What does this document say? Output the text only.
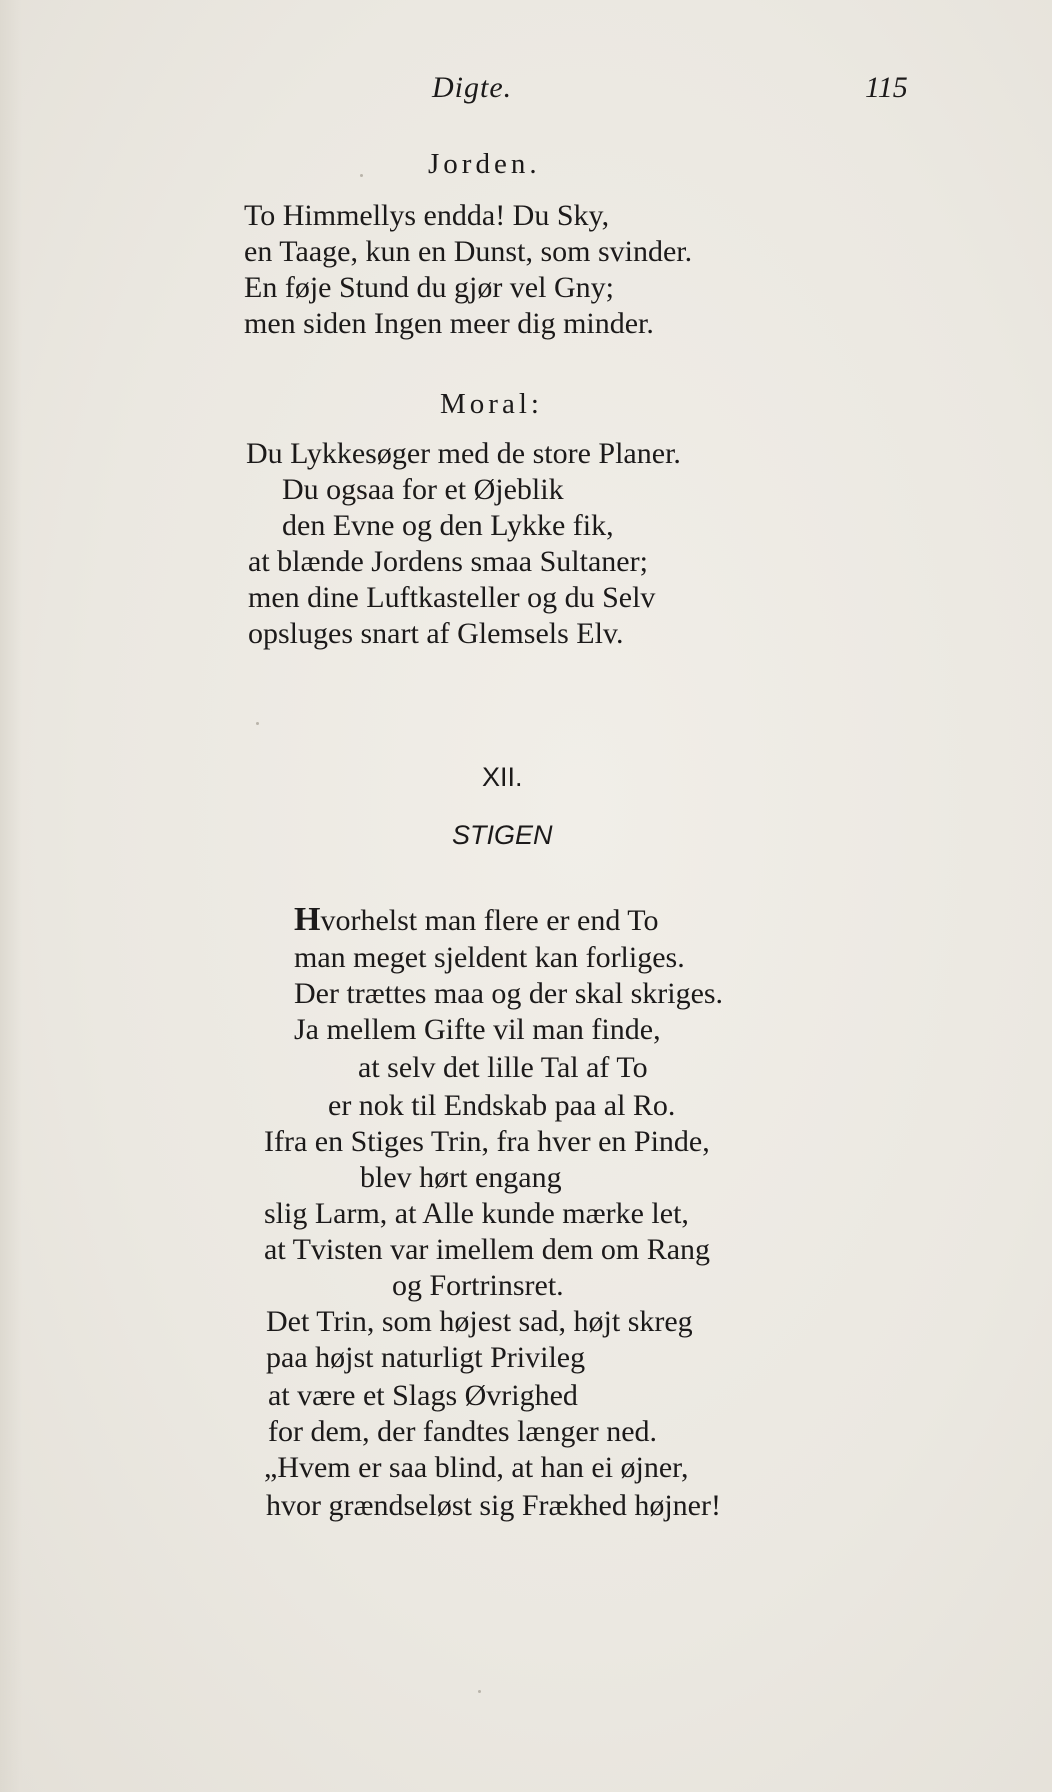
Digte.	115
Jorden.
To Himmellys endda! Du Sky,
en Taage, kun en Dunst, som svinder.
En føje Stund du gjør vel Gny;
men siden Ingen meer dig minder.
Moral:
Du Lykkesøger med de store Planer.
Du ogsaa for et Øjeblik
den Evne og den Lykke fik,
at blænde Jordens smaa Sultaner;
men dine Luftkasteller og du Selv
opsluges snart af Glemsels Elv.
XII.
STIGEN
Hvorhelst man flere er end To
man meget sjeldent kan forliges.
Der trættes maa og der skal skriges.
Ja mellem Gifte vil man finde,
at selv det lille Tal af To
er nok til Endskab paa al Ro.
Ifra en Stiges Trin, fra hver en Pinde,
blev hørt engang
slig Larm, at Alle kunde mærke let,
at Tvisten var imellem dem om Rang
og Fortrinsret.
Det Trin, som højest sad, højt skreg
paa højst naturligt Privileg
at være et Slags Øvrighed
for dem, der fandtes længer ned.
„Hvem er saa blind, at han ei øjner,
hvor grændseløst sig Frækhed højner!
